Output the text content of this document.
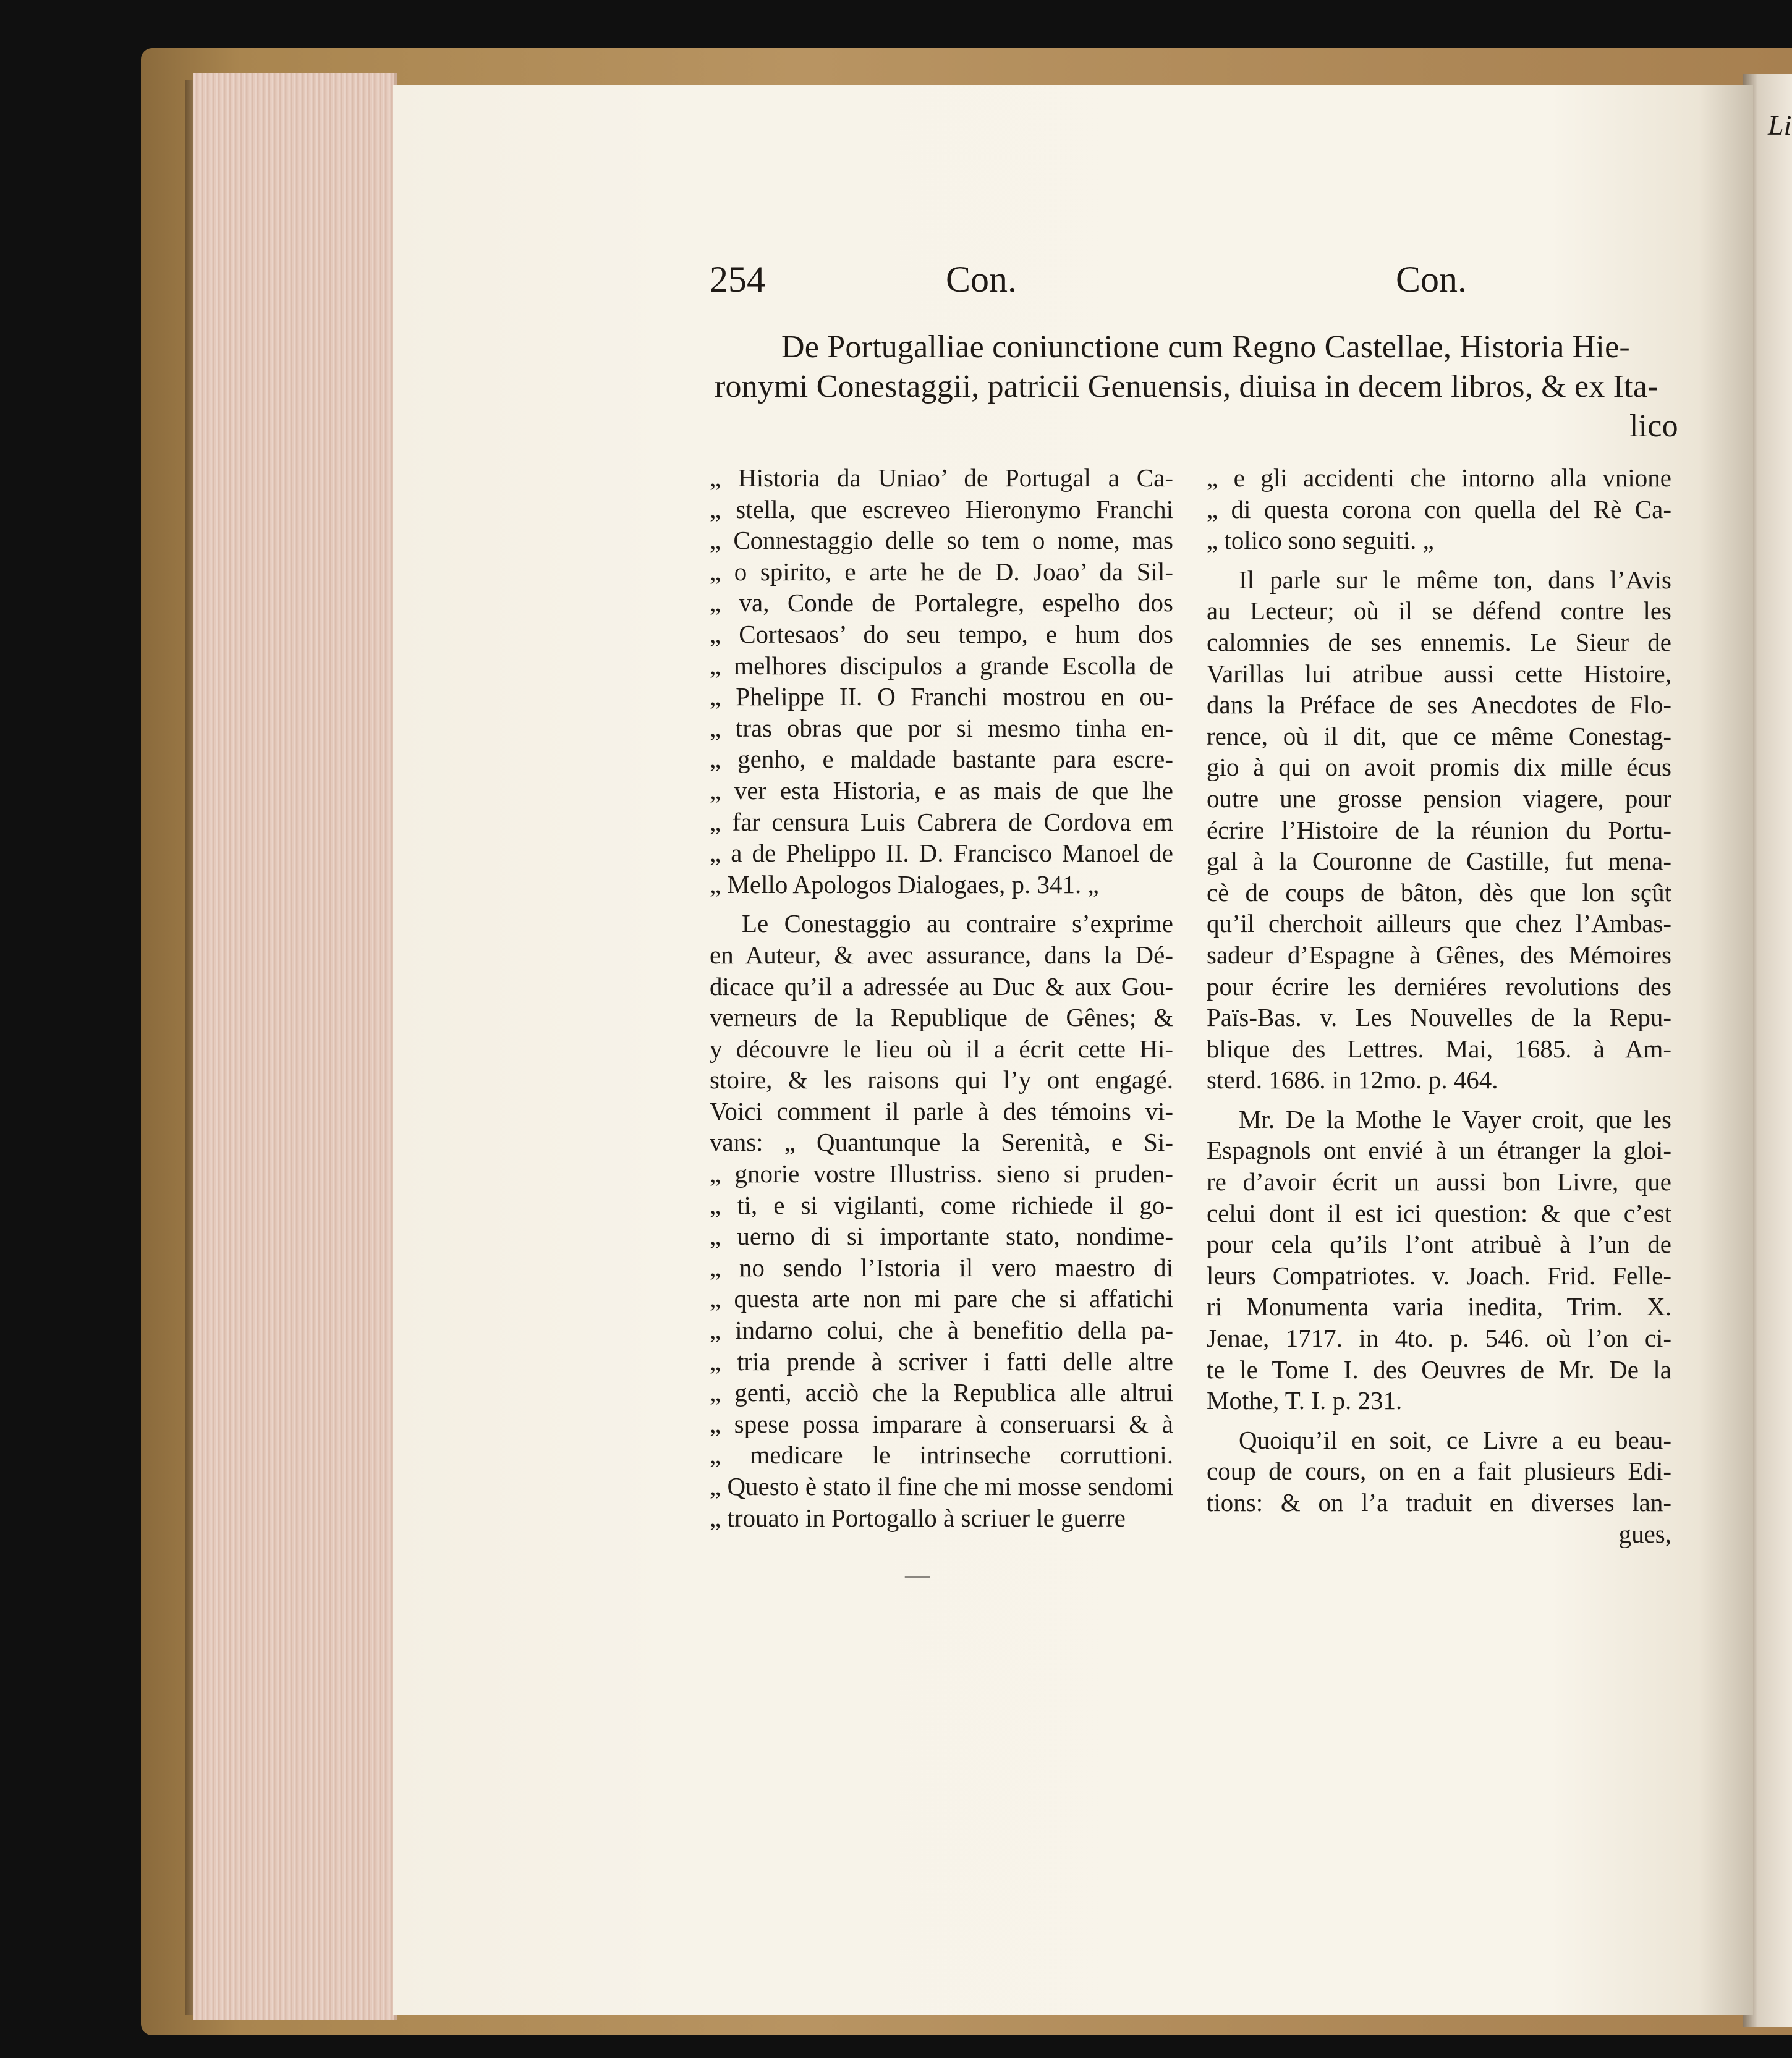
Li
254	Con.	Con.
De Portugalliae coniunctione cum Regno Castellae, Historia Hie-
ronymi Conestaggii, patricii Genuensis, diuisa in decem libros, & ex Ita-
lico
„ Historia da Uniao’ de Portugal a Ca-
„ stella, que escreveo Hieronymo Franchi
„ Connestaggio delle so tem o nome, mas
„ o spirito, e arte he de D. Joao’ da Sil-
„ va, Conde de Portalegre, espelho dos
„ Cortesaos’ do seu tempo, e hum dos
„ melhores discipulos a grande Escolla de
„ Phelippe II. O Franchi mostrou en ou-
„ tras obras que por si mesmo tinha en-
„ genho, e maldade bastante para escre-
„ ver esta Historia, e as mais de que lhe
„ far censura Luis Cabrera de Cordova em
„ a de Phelippo II. D. Francisco Manoel de
„ Mello Apologos Dialogaes, p. 341. „
Le Conestaggio au contraire s’exprime
en Auteur, & avec assurance, dans la Dé-
dicace qu’il a adressée au Duc & aux Gou-
verneurs de la Republique de Gênes; &
y découvre le lieu où il a écrit cette Hi-
stoire, & les raisons qui l’y ont engagé.
Voici comment il parle à des témoins vi-
vans: „ Quantunque la Serenità, e Si-
„ gnorie vostre Illustriss. sieno si pruden-
„ ti, e si vigilanti, come richiede il go-
„ uerno di si importante stato, nondime-
„ no sendo l’Istoria il vero maestro di
„ questa arte non mi pare che si affatichi
„ indarno colui, che à benefitio della pa-
„ tria prende à scriver i fatti delle altre
„ genti, acciò che la Republica alle altrui
„ spese possa imparare à conseruarsi & à
„ medicare le intrinseche corruttioni.
„ Questo è stato il fine che mi mosse sendomi
„ trouato in Portogallo à scriuer le guerre
„ e gli accidenti che intorno alla vnione
„ di questa corona con quella del Rè Ca-
„ tolico sono seguiti. „
Il parle sur le même ton, dans l’Avis
au Lecteur; où il se défend contre les
calomnies de ses ennemis. Le Sieur de
Varillas lui atribue aussi cette Histoire,
dans la Préface de ses Anecdotes de Flo-
rence, où il dit, que ce même Conestag-
gio à qui on avoit promis dix mille écus
outre une grosse pension viagere, pour
écrire l’Histoire de la réunion du Portu-
gal à la Couronne de Castille, fut mena-
cè de coups de bâton, dès que lon sçût
qu’il cherchoit ailleurs que chez l’Ambas-
sadeur d’Espagne à Gênes, des Mémoires
pour écrire les derniéres revolutions des
Païs-Bas. v. Les Nouvelles de la Repu-
blique des Lettres. Mai, 1685. à Am-
sterd. 1686. in 12mo. p. 464.
Mr. De la Mothe le Vayer croit, que les
Espagnols ont envié à un étranger la gloi-
re d’avoir écrit un aussi bon Livre, que
celui dont il est ici question: & que c’est
pour cela qu’ils l’ont atribuè à l’un de
leurs Compatriotes. v. Joach. Frid. Felle-
ri Monumenta varia inedita, Trim. X.
Jenae, 1717. in 4to. p. 546. où l’on ci-
te le Tome I. des Oeuvres de Mr. De la
Mothe, T. I. p. 231.
Quoiqu’il en soit, ce Livre a eu beau-
coup de cours, on en a fait plusieurs Edi-
tions: & on l’a traduit en diverses lan-
gues,
—
